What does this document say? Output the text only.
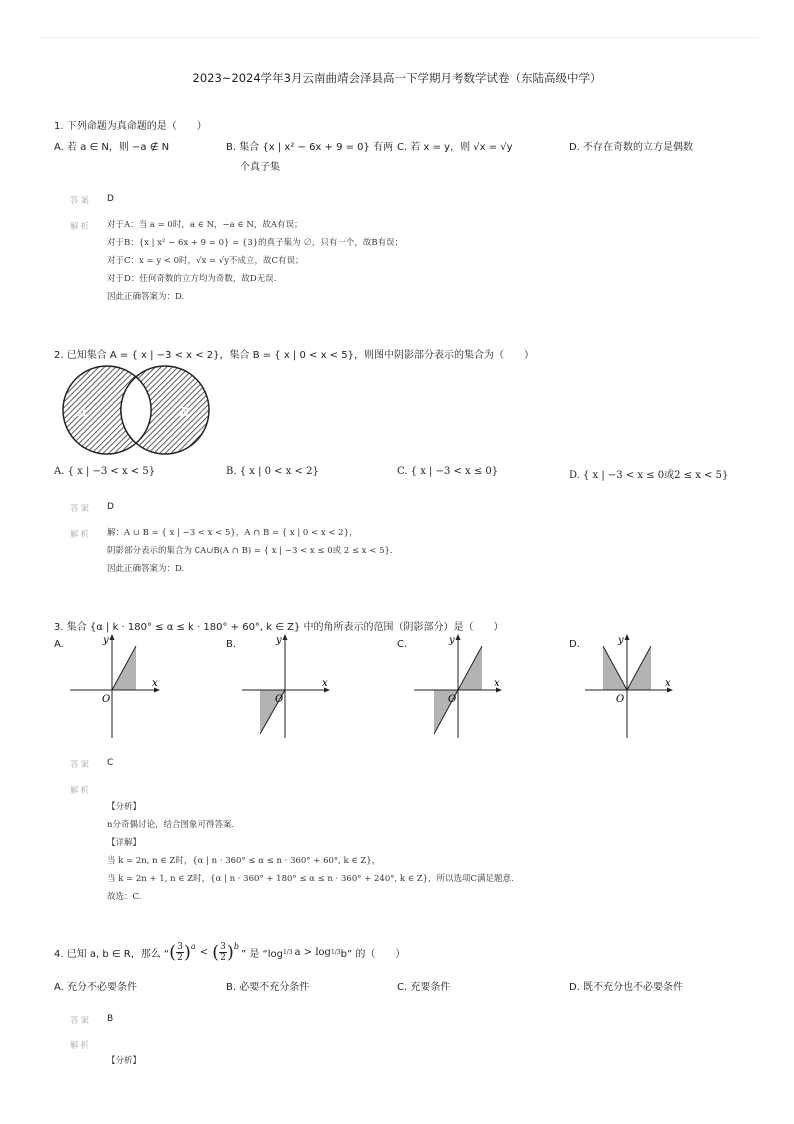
2023~2024学年3月云南曲靖会泽县高一下学期月考数学试卷（东陆高级中学）
1. 下列命题为真命题的是（　　）
A. 若 a ∈ N，则 −a ∉ N	B. 集合 {x | x² − 6x + 9 = 0} 有两
个真子集
C. 若 x = y，则 √x = √y	D. 不存在奇数的立方是偶数
答案 D
解析 对于A：当 a = 0时，a ∈ N，−a ∈ N，故A有误；
对于B：{x | x² − 6x + 9 = 0} = {3}的真子集为 ∅，只有一个，故B有误；
对于C：x = y < 0时，√x = √y不成立，故C有误；
对于D：任何奇数的立方均为奇数，故D无误.
因此正确答案为：D.
2. 已知集合 A = { x | −3 < x < 2}，集合 B = { x | 0 < x < 5}，则图中阴影部分表示的集合为（　　）
A	B
A. { x | −3 < x < 5}	B. { x | 0 < x < 2}	C. { x | −3 < x ≤ 0}	D. { x | −3 < x ≤ 0或2 ≤ x < 5}
答案 D
解析 解：A ∪ B = { x | −3 < x < 5}，A ∩ B = { x | 0 < x < 2}，
阴影部分表示的集合为 ∁A∪B(A ∩ B) = { x | −3 < x ≤ 0或 2 ≤ x < 5}.
因此正确答案为：D.
3. 集合 {α | k · 180° ≤ α ≤ k · 180° + 60°, k ∈ Z} 中的角所表示的范围（阴影部分）是（　　）
A.
x
y
O
B.
x
y
O
C.
x
y
O
D.
x
y
O
答案 C
解析
【分析】
n分奇偶讨论，结合图象可得答案.
【详解】
当 k = 2n, n ∈ Z时，{α | n · 360° ≤ α ≤ n · 360° + 60°, k ∈ Z}，
当 k = 2n + 1, n ∈ Z时，{α | n · 360° + 180° ≤ α ≤ n · 360° + 240°, k ∈ Z}，所以选项C满足题意.
故选：C.
4. 已知 a, b ∈ R，那么 “ ( $\frac{3}{2} )^a$
< ( $\frac{3}{2} )^b$
” 是 “log 1/3 a > log 1/3 b” 的（　　）
A. 充分不必要条件	B. 必要不充分条件	C. 充要条件	D. 既不充分也不必要条件
答案 B
解析
【分析】
